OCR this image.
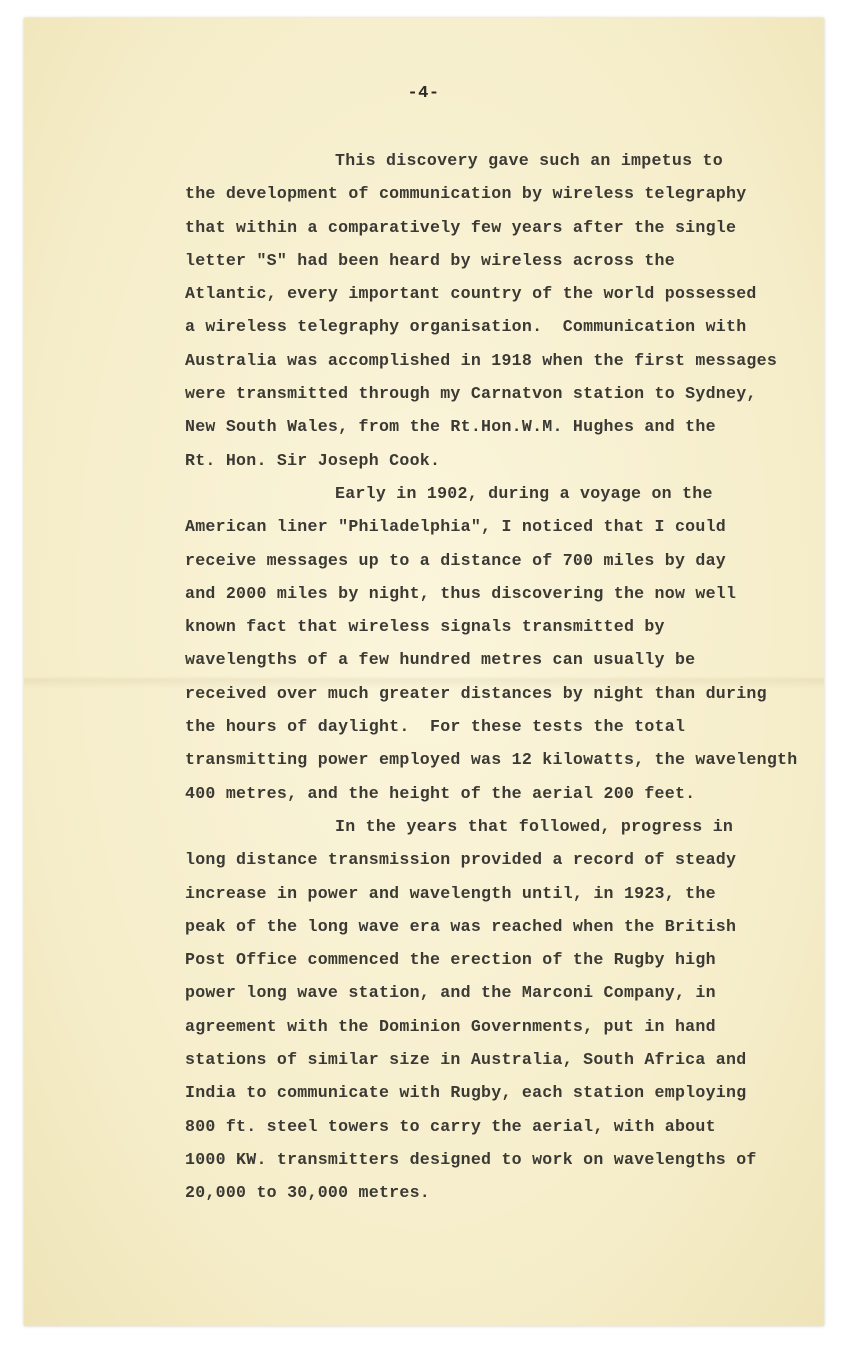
-4-
This discovery gave such an impetus to
the development of communication by wireless telegraphy
that within a comparatively few years after the single
letter "S" had been heard by wireless across the
Atlantic, every important country of the world possessed
a wireless telegraphy organisation.  Communication with
Australia was accomplished in 1918 when the first messages
were transmitted through my Carnatvon station to Sydney,
New South Wales, from the Rt.Hon.W.M. Hughes and the
Rt. Hon. Sir Joseph Cook.
Early in 1902, during a voyage on the
American liner "Philadelphia", I noticed that I could
receive messages up to a distance of 700 miles by day
and 2000 miles by night, thus discovering the now well
known fact that wireless signals transmitted by
wavelengths of a few hundred metres can usually be
received over much greater distances by night than during
the hours of daylight.  For these tests the total
transmitting power employed was 12 kilowatts, the wavelength
400 metres, and the height of the aerial 200 feet.
In the years that followed, progress in
long distance transmission provided a record of steady
increase in power and wavelength until, in 1923, the
peak of the long wave era was reached when the British
Post Office commenced the erection of the Rugby high
power long wave station, and the Marconi Company, in
agreement with the Dominion Governments, put in hand
stations of similar size in Australia, South Africa and
India to communicate with Rugby, each station employing
800 ft. steel towers to carry the aerial, with about
1000 KW. transmitters designed to work on wavelengths of
20,000 to 30,000 metres.
